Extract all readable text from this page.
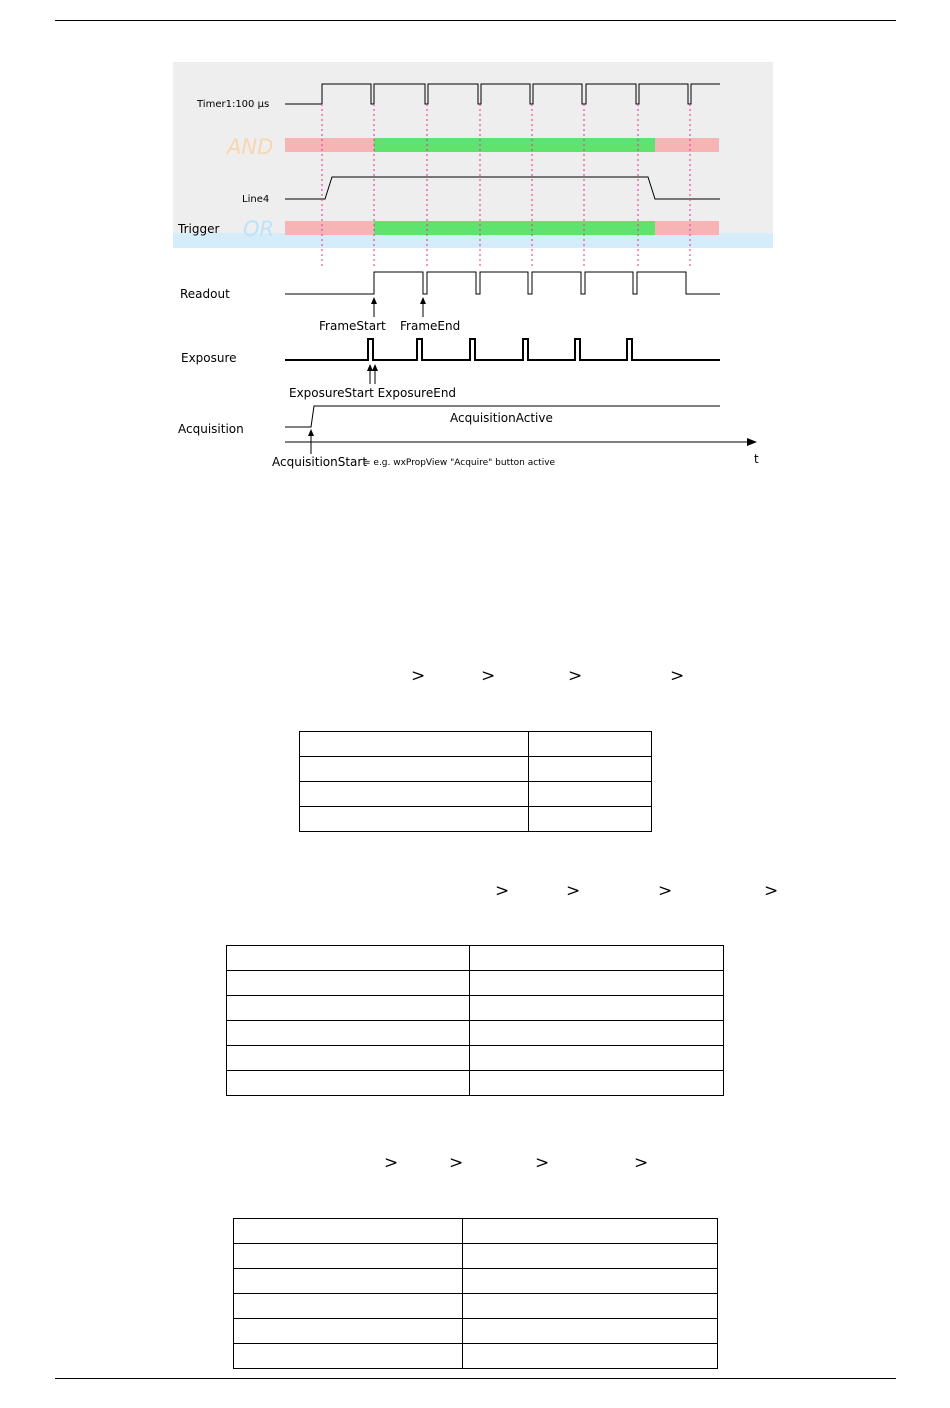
Timer1:100 µs
AND
Line4
Trigger OR
Readout
FrameStart FrameEnd
Exposure
ExposureStart ExposureEnd
Acquisition
AcquisitionActive
t
AcquisitionStart
= e.g. wxPropView "Acquire" button active
>	>	>	>

>	>	>	>

>	>	>	>
